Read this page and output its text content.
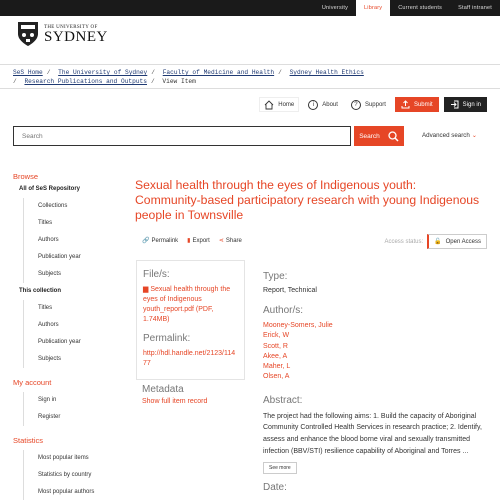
University	Library	Current students	Staff intranet
THE UNIVERSITY OF
SYDNEY
SeS Home / The University of Sydney / Faculty of Medicine and Health / Sydney Health Ethics
/ Research Publications and Outputs / View Item
Home	i	About	?	Support	Submit	Sign in
Search
Search	Advanced search ⌄
Browse
All of SeS Repository
Collections
Titles
Authors
Publication year
Subjects
This collection
Titles
Authors
Publication year
Subjects
My account
Sign in
Register
Statistics
Most popular items
Statistics by country
Most popular authors
Sexual health through the eyes of Indigenous youth: Community-based participatory research with young Indigenous people in Townsville
🔗 Permalink ▮ Export ⋖ Share	Access status: 🔓 Open Access
File/s:
▆ Sexual health through the eyes of Indigenous youth_report.pdf (PDF, 1.74MB)
Permalink:
http://hdl.handle.net/2123/11477
Metadata
Show full item record
Type:
Report, Technical
Author/s:
Mooney-Somers, Julie
Erick, W
Scott, R
Akee, A
Maher, L
Olsen, A
Abstract:
The project had the following aims: 1. Build the capacity of Aboriginal Community Controlled Health Services in research practice; 2. Identify, assess and enhance the blood borne viral and sexually transmitted infection (BBV/STI) resilience capability of Aboriginal and Torres ...
See more
Date:
